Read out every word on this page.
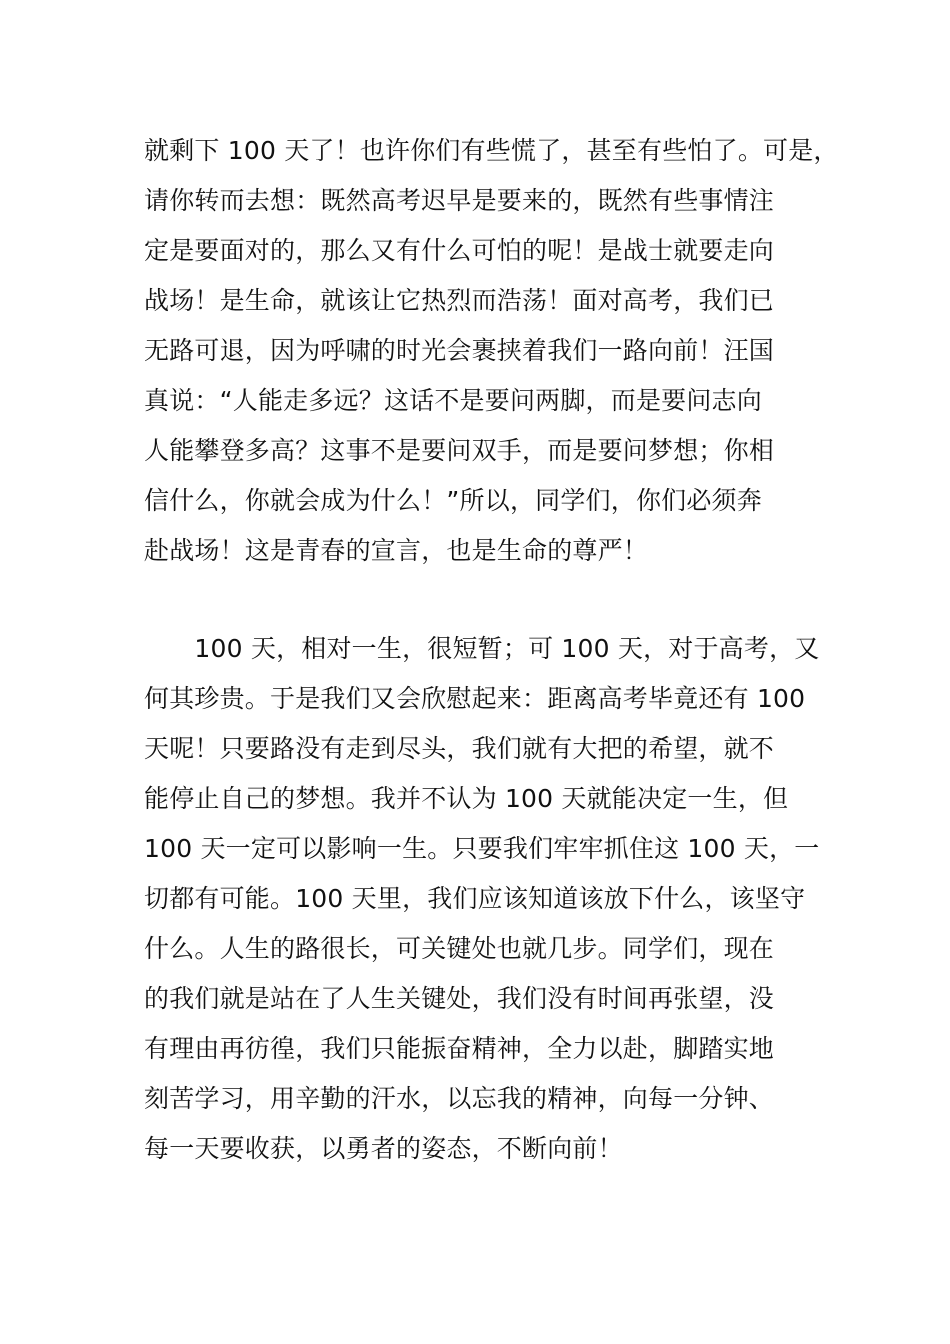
就剩下 100 天了！也许你们有些慌了，甚至有些怕了。可是，
请你转而去想：既然高考迟早是要来的，既然有些事情注
定是要面对的，那么又有什么可怕的呢！是战士就要走向
战场！是生命，就该让它热烈而浩荡！面对高考，我们已
无路可退，因为呼啸的时光会裹挟着我们一路向前！汪国
真说：“人能走多远？这话不是要问两脚，而是要问志向
人能攀登多高？这事不是要问双手，而是要问梦想；你相
信什么，你就会成为什么！”所以，同学们，你们必须奔
赴战场！这是青春的宣言，也是生命的尊严！
　　100 天，相对一生，很短暂；可 100 天，对于高考，又
何其珍贵。于是我们又会欣慰起来：距离高考毕竟还有 100
天呢！只要路没有走到尽头，我们就有大把的希望，就不
能停止自己的梦想。我并不认为 100 天就能决定一生，但
100 天一定可以影响一生。只要我们牢牢抓住这 100 天，一
切都有可能。100 天里，我们应该知道该放下什么，该坚守
什么。人生的路很长，可关键处也就几步。同学们，现在
的我们就是站在了人生关键处，我们没有时间再张望，没
有理由再彷徨，我们只能振奋精神，全力以赴，脚踏实地
刻苦学习，用辛勤的汗水，以忘我的精神，向每一分钟、
每一天要收获，以勇者的姿态，不断向前！
